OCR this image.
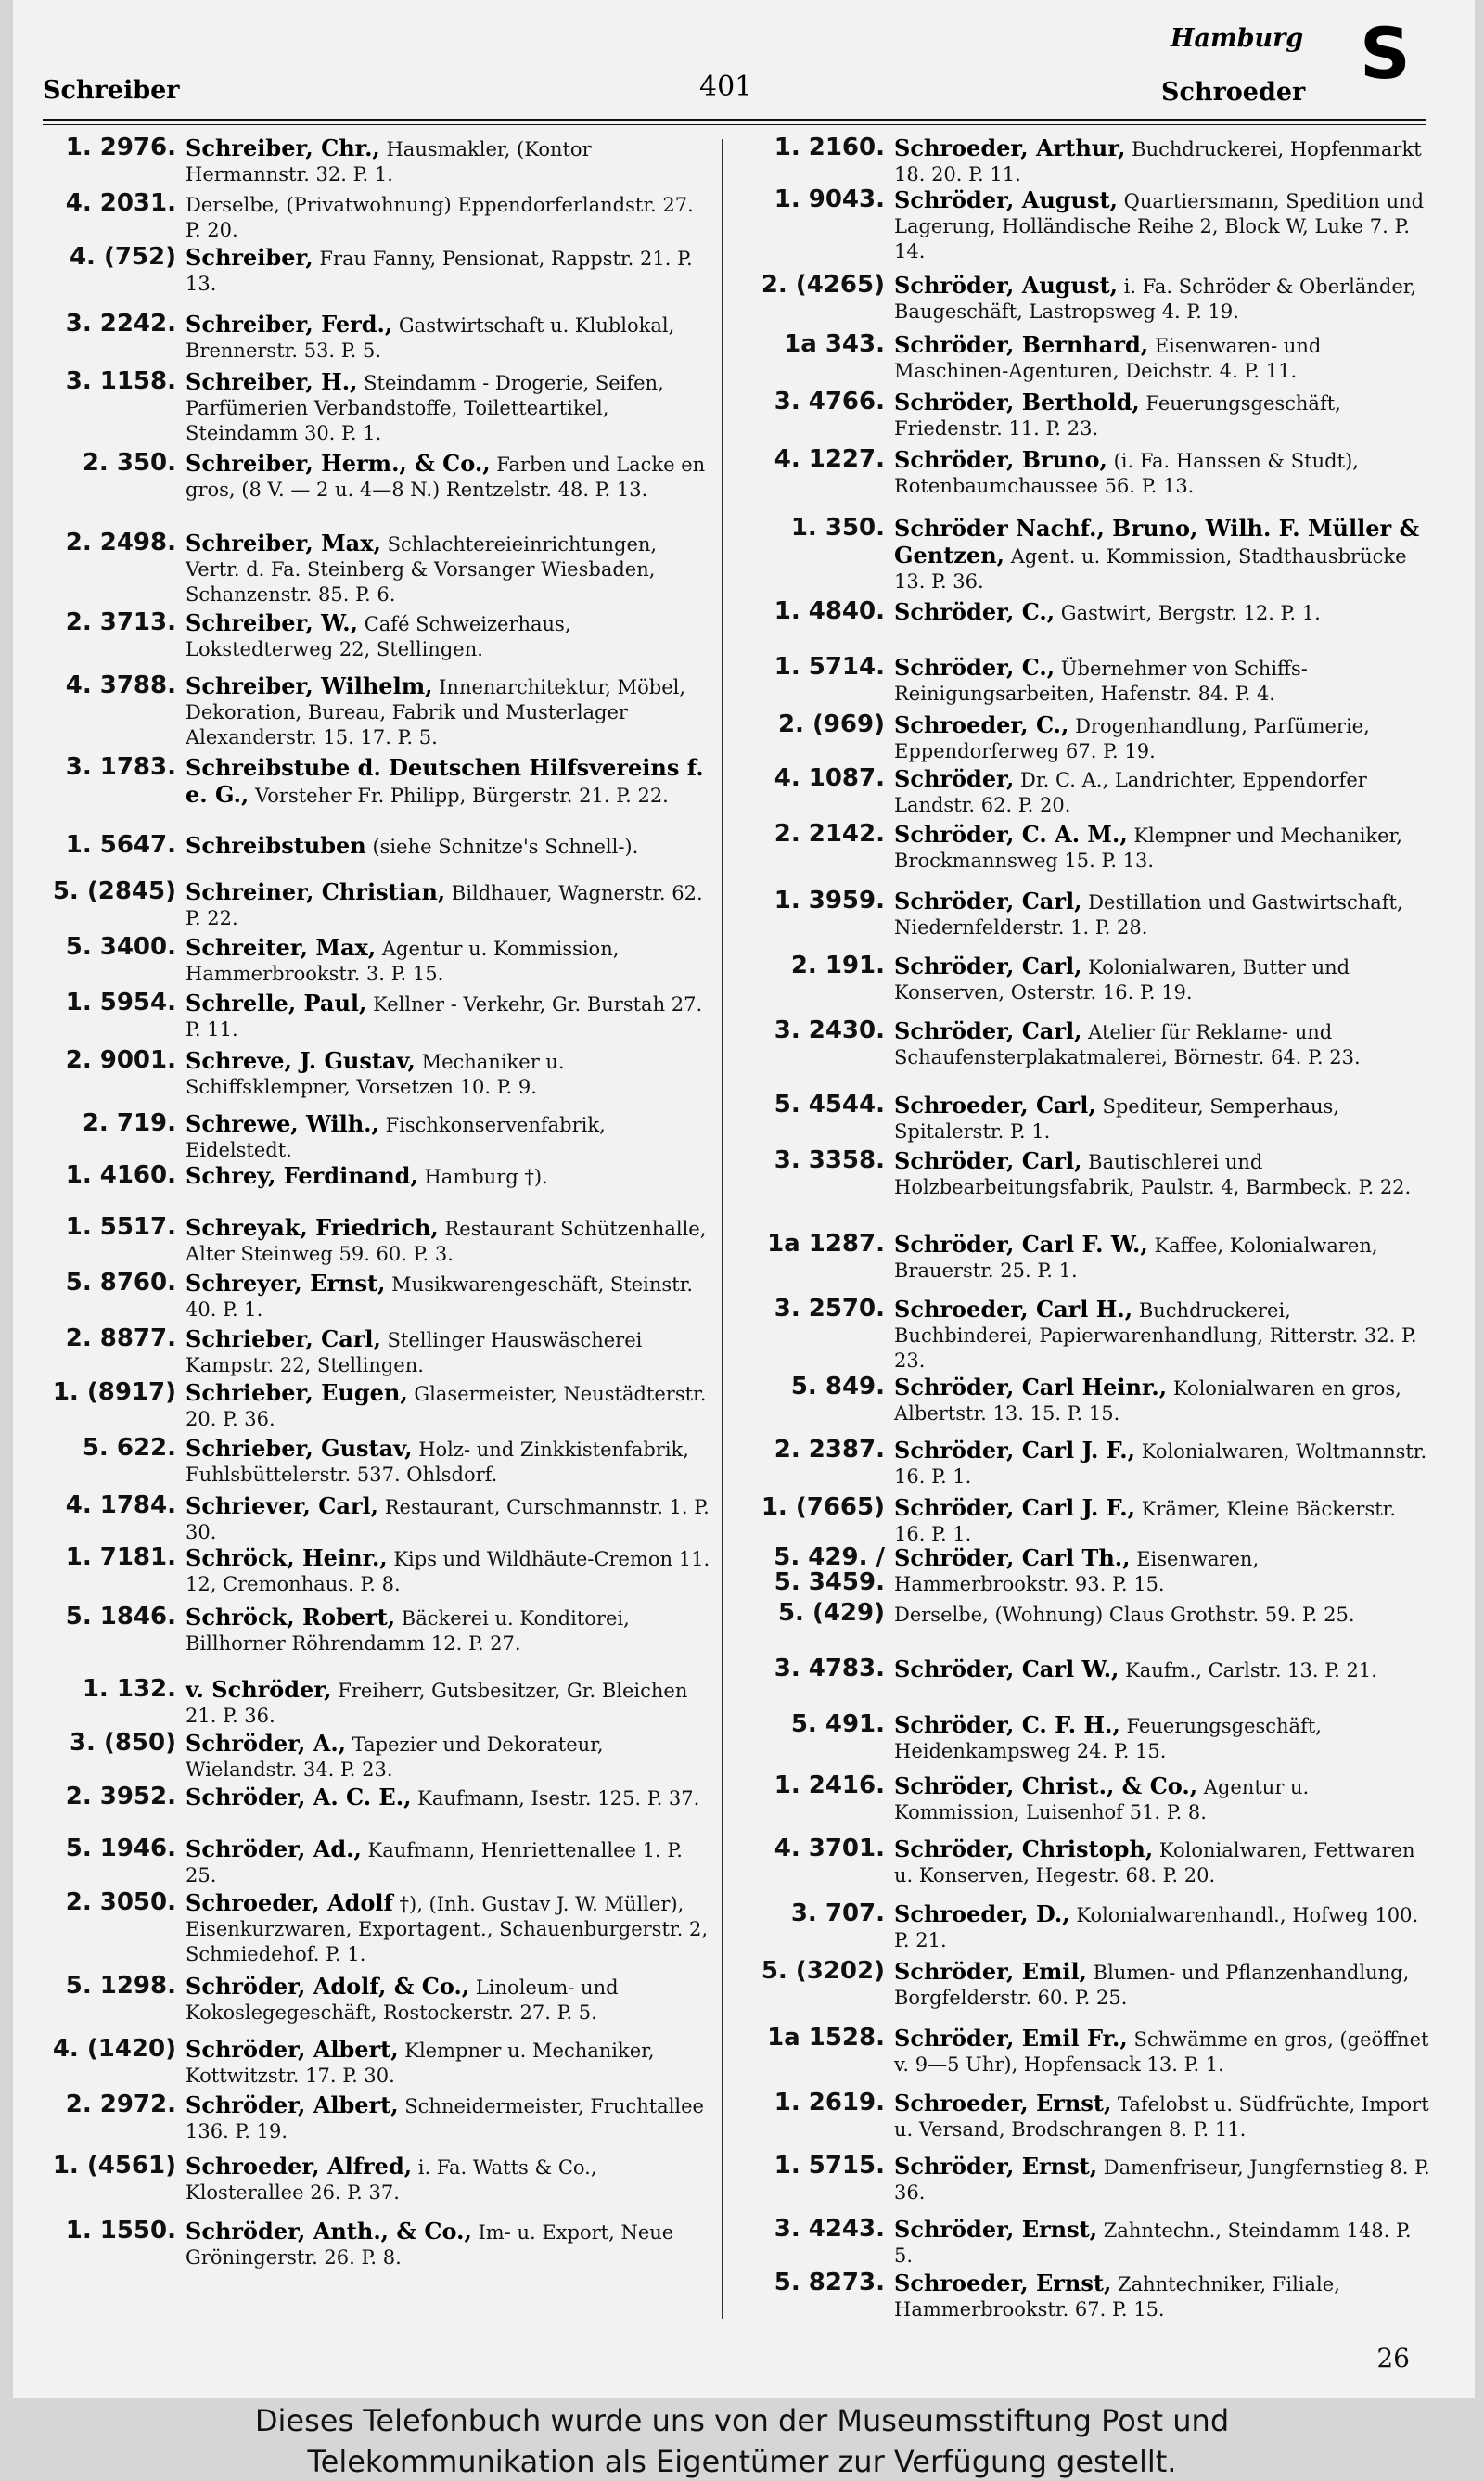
Schreiber	401
Hamburg
Schroeder S
1. 2976. Schreiber, Chr., Hausmakler, (Kontor Hermannstr. 32. P. 1.
4. 2031. Derselbe, (Privatwohnung) Eppendorferlandstr. 27. P. 20.
4. (752) Schreiber, Frau Fanny, Pensionat, Rappstr. 21. P. 13.
3. 2242. Schreiber, Ferd., Gastwirtschaft u. Klublokal, Brennerstr. 53. P. 5.
3. 1158. Schreiber, H., Steindamm - Drogerie, Seifen, Parfümerien Verbandstoffe, Toiletteartikel, Steindamm 30. P. 1.
2. 350. Schreiber, Herm., & Co., Farben und Lacke en gros, (8 V. — 2 u. 4—8 N.) Rentzelstr. 48. P. 13.
2. 2498. Schreiber, Max, Schlachtereieinrichtungen, Vertr. d. Fa. Steinberg & Vorsanger Wiesbaden, Schanzenstr. 85. P. 6.
2. 3713. Schreiber, W., Café Schweizerhaus, Lokstedterweg 22, Stellingen.
4. 3788. Schreiber, Wilhelm, Innenarchitektur, Möbel, Dekoration, Bureau, Fabrik und Musterlager Alexanderstr. 15. 17. P. 5.
3. 1783. Schreibstube d. Deutschen Hilfsvereins f. e. G., Vorsteher Fr. Philipp, Bürgerstr. 21. P. 22.
1. 5647. Schreibstuben (siehe Schnitze's Schnell-).
5. (2845) Schreiner, Christian, Bildhauer, Wagnerstr. 62. P. 22.
5. 3400. Schreiter, Max, Agentur u. Kommission, Hammerbrookstr. 3. P. 15.
1. 5954. Schrelle, Paul, Kellner - Verkehr, Gr. Burstah 27. P. 11.
2. 9001. Schreve, J. Gustav, Mechaniker u. Schiffsklempner, Vorsetzen 10. P. 9.
2. 719. Schrewe, Wilh., Fischkonservenfabrik, Eidelstedt.
1. 4160. Schrey, Ferdinand, Hamburg †).
1. 5517. Schreyak, Friedrich, Restaurant Schützenhalle, Alter Steinweg 59. 60. P. 3.
5. 8760. Schreyer, Ernst, Musikwarengeschäft, Steinstr. 40. P. 1.
2. 8877. Schrieber, Carl, Stellinger Hauswäscherei Kampstr. 22, Stellingen.
1. (8917) Schrieber, Eugen, Glasermeister, Neustädterstr. 20. P. 36.
5. 622. Schrieber, Gustav, Holz- und Zinkkistenfabrik, Fuhlsbüttelerstr. 537. Ohlsdorf.
4. 1784. Schriever, Carl, Restaurant, Curschmannstr. 1. P. 30.
1. 7181. Schröck, Heinr., Kips und Wildhäute-Cremon 11. 12, Cremonhaus. P. 8.
5. 1846. Schröck, Robert, Bäckerei u. Konditorei, Billhorner Röhrendamm 12. P. 27.
1. 132. v. Schröder, Freiherr, Gutsbesitzer, Gr. Bleichen 21. P. 36.
3. (850) Schröder, A., Tapezier und Dekorateur, Wielandstr. 34. P. 23.
2. 3952. Schröder, A. C. E., Kaufmann, Isestr. 125. P. 37.
5. 1946. Schröder, Ad., Kaufmann, Henriettenallee 1. P. 25.
2. 3050. Schroeder, Adolf †), (Inh. Gustav J. W. Müller), Eisenkurzwaren, Exportagent., Schauenburgerstr. 2, Schmiedehof. P. 1.
5. 1298. Schröder, Adolf, & Co., Linoleum- und Kokoslegegeschäft, Rostockerstr. 27. P. 5.
4. (1420) Schröder, Albert, Klempner u. Mechaniker, Kottwitzstr. 17. P. 30.
2. 2972. Schröder, Albert, Schneidermeister, Fruchtallee 136. P. 19.
1. (4561) Schroeder, Alfred, i. Fa. Watts & Co., Klosterallee 26. P. 37.
1. 1550. Schröder, Anth., & Co., Im- u. Export, Neue Gröningerstr. 26. P. 8.
1. 2160. Schroeder, Arthur, Buchdruckerei, Hopfenmarkt 18. 20. P. 11.
1. 9043. Schröder, August, Quartiersmann, Spedition und Lagerung, Holländische Reihe 2, Block W, Luke 7. P. 14.
2. (4265) Schröder, August, i. Fa. Schröder & Oberländer, Baugeschäft, Lastropsweg 4. P. 19.
1a 343. Schröder, Bernhard, Eisenwaren- und Maschinen-Agenturen, Deichstr. 4. P. 11.
3. 4766. Schröder, Berthold, Feuerungsgeschäft, Friedenstr. 11. P. 23.
4. 1227. Schröder, Bruno, (i. Fa. Hanssen & Studt), Rotenbaumchaussee 56. P. 13.
1. 350. Schröder Nachf., Bruno, Wilh. F. Müller & Gentzen, Agent. u. Kommission, Stadthausbrücke 13. P. 36.
1. 4840. Schröder, C., Gastwirt, Bergstr. 12. P. 1.
1. 5714. Schröder, C., Übernehmer von Schiffs-Reinigungsarbeiten, Hafenstr. 84. P. 4.
2. (969) Schroeder, C., Drogenhandlung, Parfümerie, Eppendorferweg 67. P. 19.
4. 1087. Schröder, Dr. C. A., Landrichter, Eppendorfer Landstr. 62. P. 20.
2. 2142. Schröder, C. A. M., Klempner und Mechaniker, Brockmannsweg 15. P. 13.
1. 3959. Schröder, Carl, Destillation und Gastwirtschaft, Niedernfelderstr. 1. P. 28.
2. 191. Schröder, Carl, Kolonialwaren, Butter und Konserven, Osterstr. 16. P. 19.
3. 2430. Schröder, Carl, Atelier für Reklame- und Schaufensterplakatmalerei, Börnestr. 64. P. 23.
5. 4544. Schroeder, Carl, Spediteur, Semperhaus, Spitalerstr. P. 1.
3. 3358. Schröder, Carl, Bautischlerei und Holzbearbeitungsfabrik, Paulstr. 4, Barmbeck. P. 22.
1a 1287. Schröder, Carl F. W., Kaffee, Kolonialwaren, Brauerstr. 25. P. 1.
3. 2570. Schroeder, Carl H., Buchdruckerei, Buchbinderei, Papierwarenhandlung, Ritterstr. 32. P. 23.
5. 849. Schröder, Carl Heinr., Kolonialwaren en gros, Albertstr. 13. 15. P. 15.
2. 2387. Schröder, Carl J. F., Kolonialwaren, Woltmannstr. 16. P. 1.
1. (7665) Schröder, Carl J. F., Krämer, Kleine Bäckerstr. 16. P. 1.
5. 429. / 5. 3459.
Schröder, Carl Th., Eisenwaren, Hammerbrookstr. 93. P. 15.
5. (429) Derselbe, (Wohnung) Claus Grothstr. 59. P. 25.
3. 4783. Schröder, Carl W., Kaufm., Carlstr. 13. P. 21.
5. 491. Schröder, C. F. H., Feuerungsgeschäft, Heidenkampsweg 24. P. 15.
1. 2416. Schröder, Christ., & Co., Agentur u. Kommission, Luisenhof 51. P. 8.
4. 3701. Schröder, Christoph, Kolonialwaren, Fettwaren u. Konserven, Hegestr. 68. P. 20.
3. 707. Schroeder, D., Kolonialwarenhandl., Hofweg 100. P. 21.
5. (3202) Schröder, Emil, Blumen- und Pflanzenhandlung, Borgfelderstr. 60. P. 25.
1a 1528. Schröder, Emil Fr., Schwämme en gros, (geöffnet v. 9—5 Uhr), Hopfensack 13. P. 1.
1. 2619. Schroeder, Ernst, Tafelobst u. Südfrüchte, Import u. Versand, Brodschrangen 8. P. 11.
1. 5715. Schröder, Ernst, Damenfriseur, Jungfernstieg 8. P. 36.
3. 4243. Schröder, Ernst, Zahntechn., Steindamm 148. P. 5.
5. 8273. Schroeder, Ernst, Zahntechniker, Filiale, Hammerbrookstr. 67. P. 15.
26
Dieses Telefonbuch wurde uns von der Museumsstiftung Post und
Telekommunikation als Eigentümer zur Verfügung gestellt.
